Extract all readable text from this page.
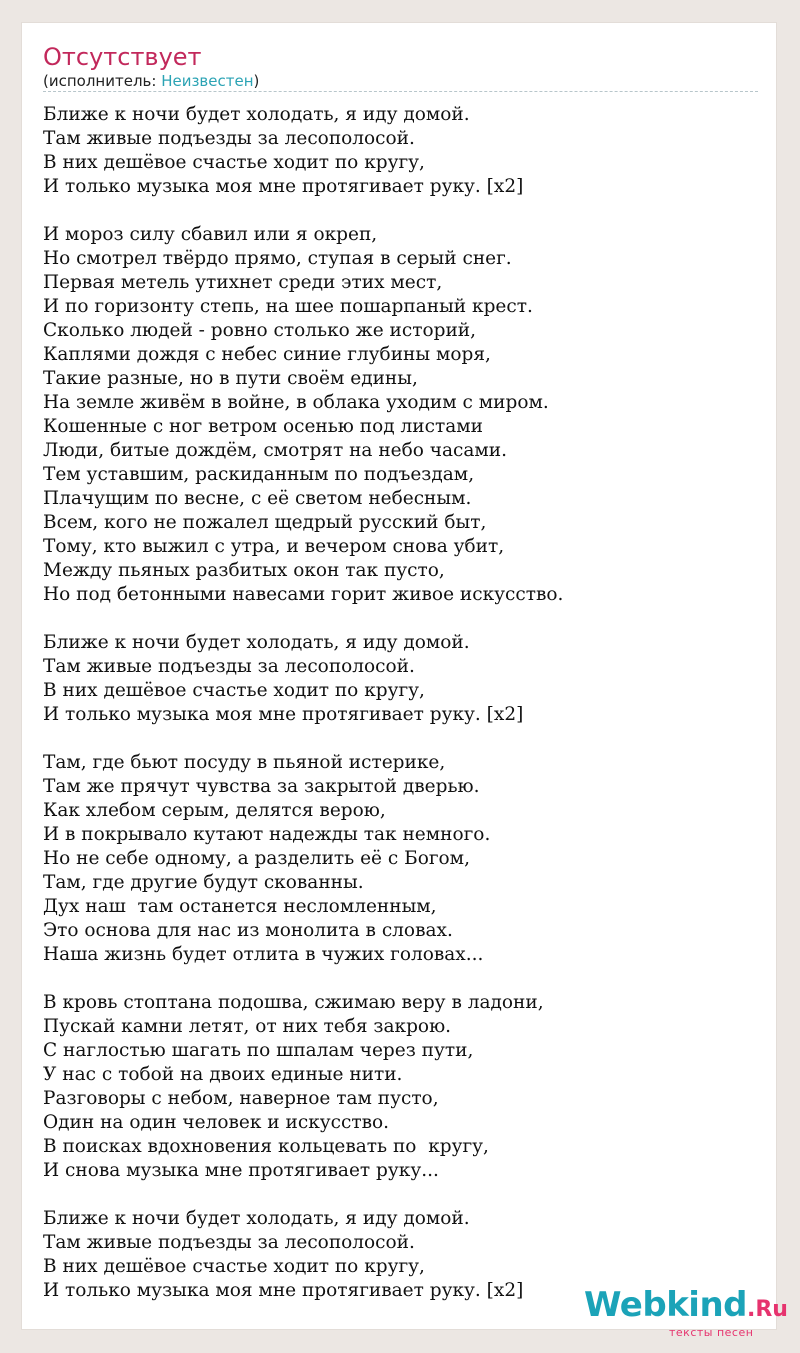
Отсутствует
(исполнитель: Неизвестен)
Ближе к ночи будет холодать, я иду домой.
Там живые подъезды за лесополосой.
В них дешёвое счастье ходит по кругу,
И только музыка моя мне протягивает руку. [x2]
И мороз силу сбавил или я окреп,
Но смотрел твёрдо прямо, ступая в серый снег.
Первая метель утихнет среди этих мест,
И по горизонту степь, на шее пошарпаный крест.
Сколько людей - ровно столько же историй,
Каплями дождя с небес синие глубины моря,
Такие разные, но в пути своём едины,
На земле живём в войне, в облака уходим с миром.
Кошенные с ног ветром осенью под листами
Люди, битые дождём, смотрят на небо часами.
Тем уставшим, раскиданным по подъездам,
Плачущим по весне, с её светом небесным.
Всем, кого не пожалел щедрый русский быт,
Тому, кто выжил с утра, и вечером снова убит,
Между пьяных разбитых окон так пусто,
Но под бетонными навесами горит живое искусство.
Ближе к ночи будет холодать, я иду домой.
Там живые подъезды за лесополосой.
В них дешёвое счастье ходит по кругу,
И только музыка моя мне протягивает руку. [x2]
Там, где бьют посуду в пьяной истерике,
Там же прячут чувства за закрытой дверью.
Как хлебом серым, делятся верою,
И в покрывало кутают надежды так немного.
Но не себе одному, а разделить её с Богом,
Там, где другие будут скованны.
Дух наш  там останется несломленным,
Это основа для нас из монолита в словах.
Наша жизнь будет отлита в чужих головах...
В кровь стоптана подошва, сжимаю веру в ладони,
Пускай камни летят, от них тебя закрою.
С наглостью шагать по шпалам через пути,
У нас с тобой на двоих единые нити.
Разговоры с небом, наверное там пусто,
Один на один человек и искусство.
В поисках вдохновения кольцевать по  кругу,
И снова музыка мне протягивает руку...
Ближе к ночи будет холодать, я иду домой.
Там живые подъезды за лесополосой.
В них дешёвое счастье ходит по кругу,
И только музыка моя мне протягивает руку. [x2]	Webkind.Ru
тексты песен
